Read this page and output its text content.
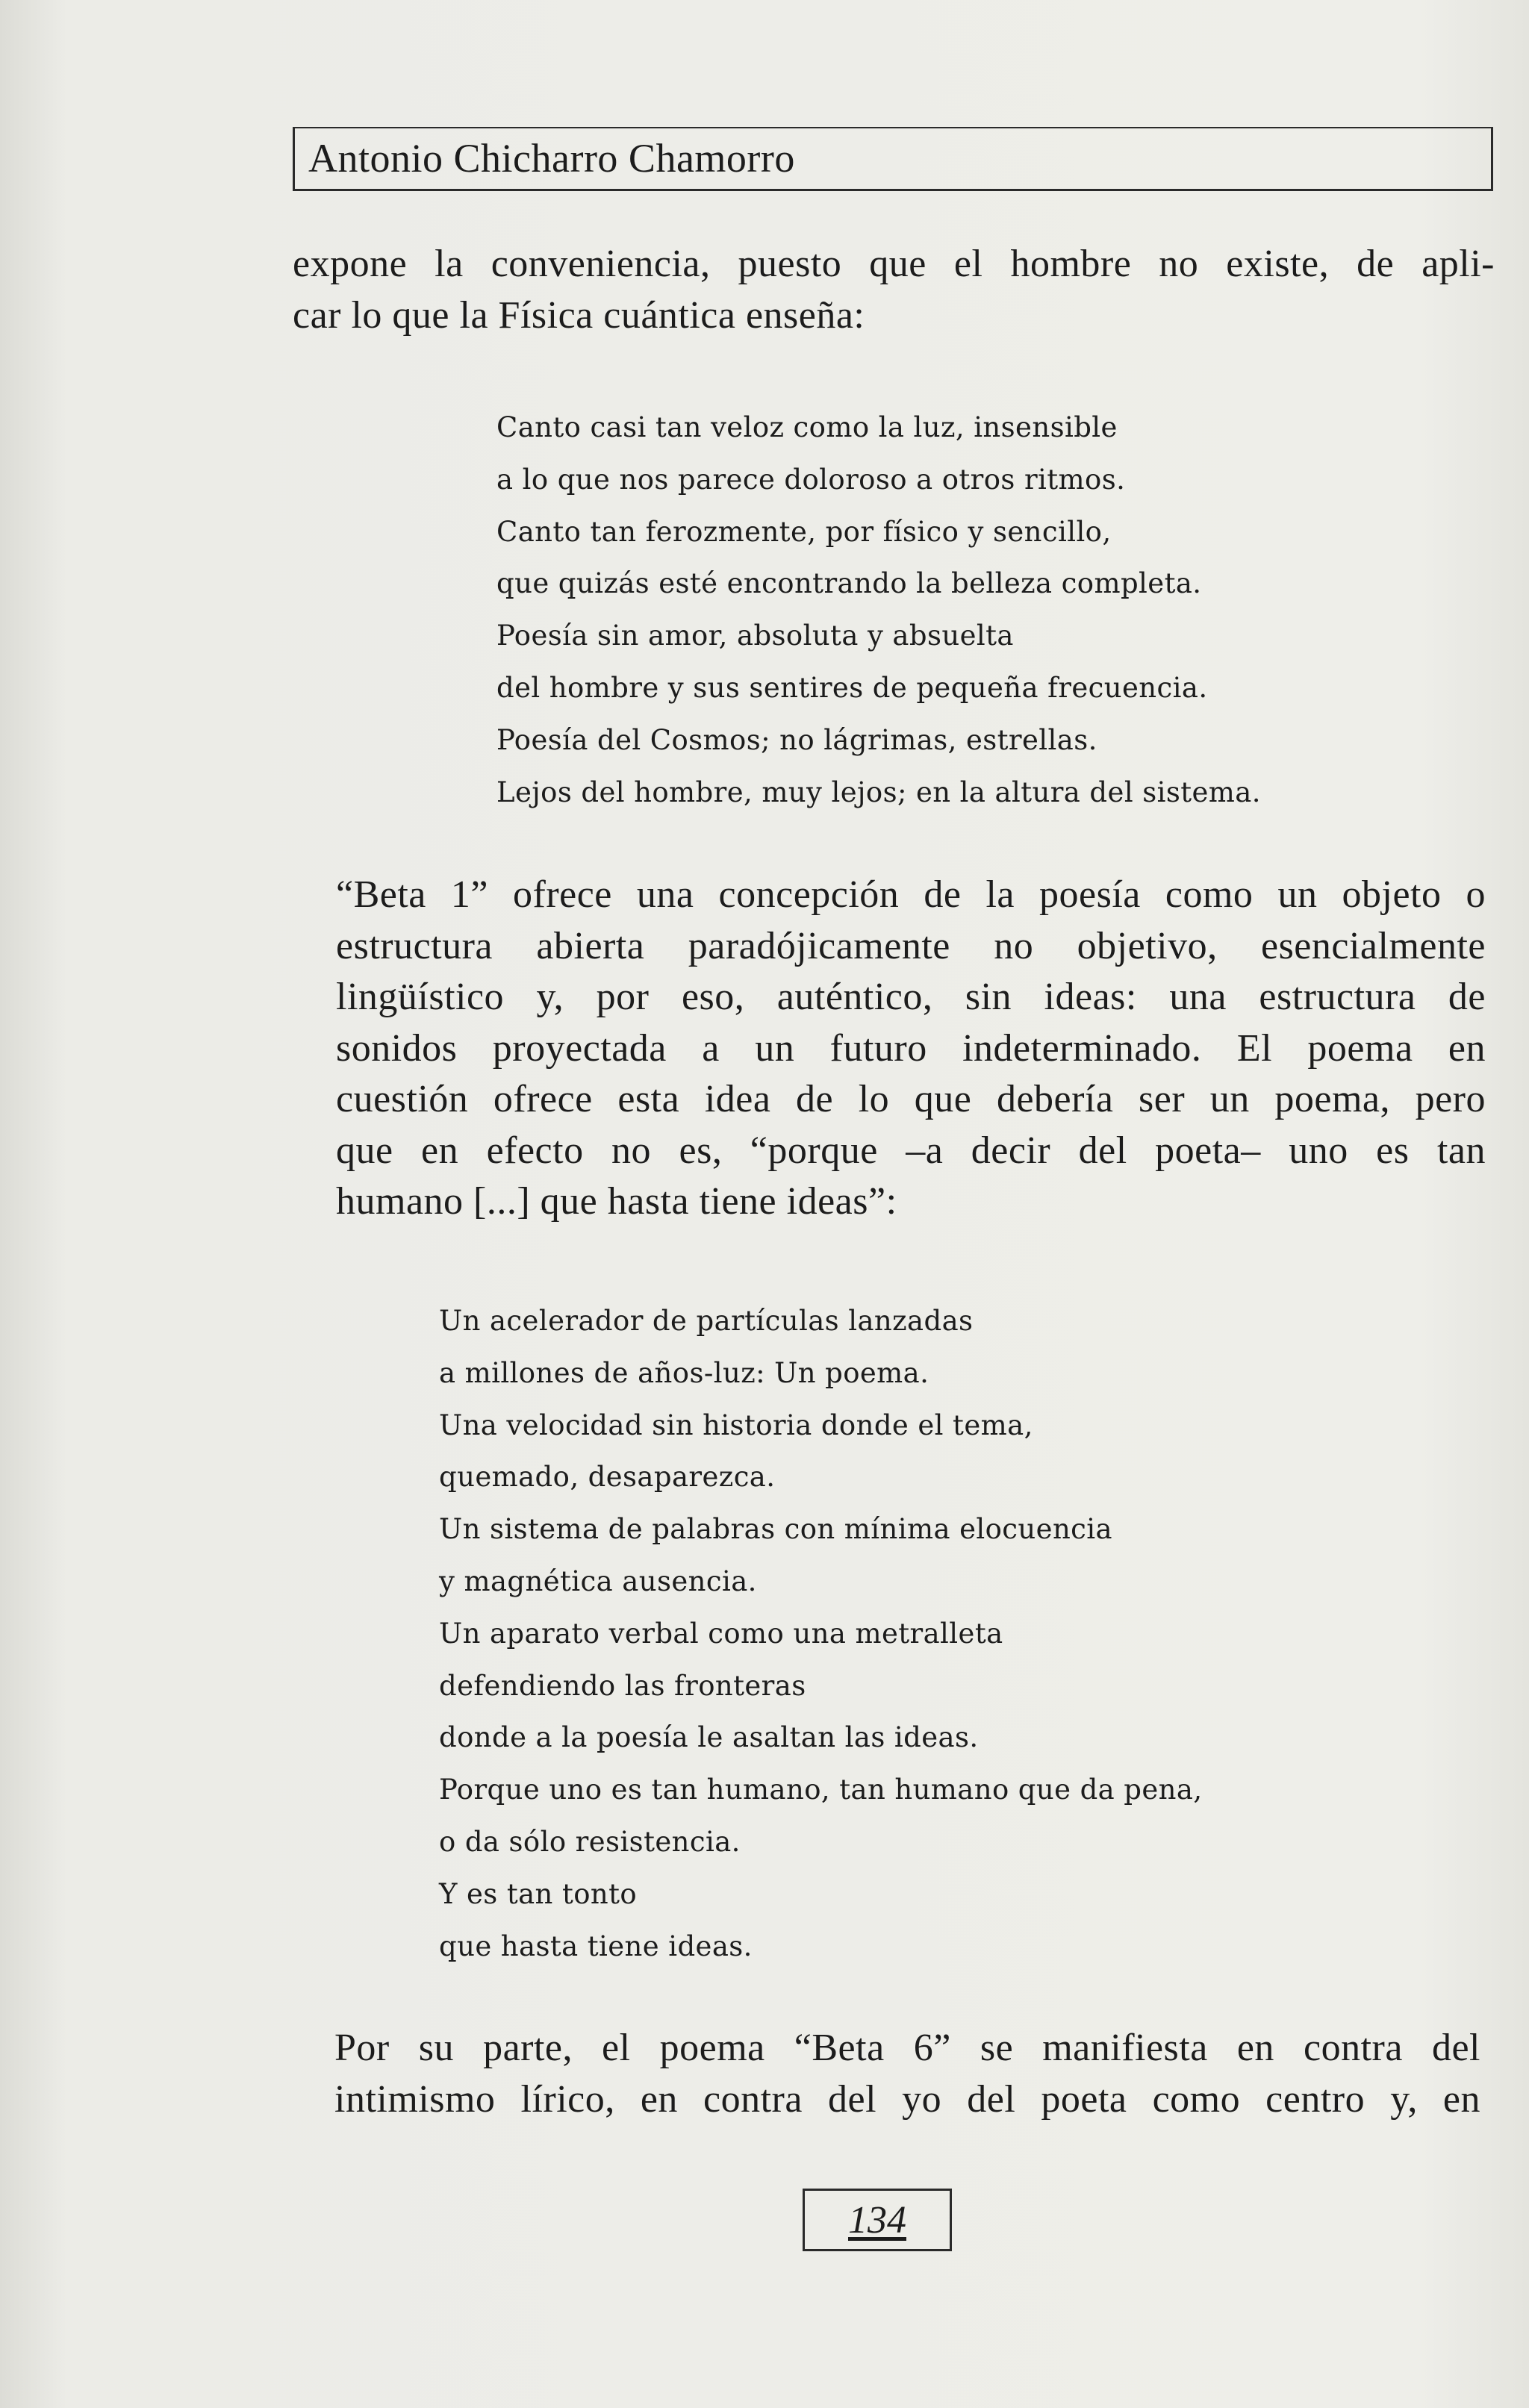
Antonio Chicharro Chamorro

expone la conveniencia, puesto que el hombre no existe, de apli-
car lo que la Física cuántica enseña:

Canto casi tan veloz como la luz, insensible
a lo que nos parece doloroso a otros ritmos.
Canto tan ferozmente, por físico y sencillo,
que quizás esté encontrando la belleza completa.
Poesía sin amor, absoluta y absuelta
del hombre y sus sentires de pequeña frecuencia.
Poesía del Cosmos; no lágrimas, estrellas.
Lejos del hombre, muy lejos; en la altura del sistema.

“Beta 1” ofrece una concepción de la poesía como un objeto o
estructura abierta paradójicamente no objetivo, esencialmente
lingüístico y, por eso, auténtico, sin ideas: una estructura de
sonidos proyectada a un futuro indeterminado. El poema en
cuestión ofrece esta idea de lo que debería ser un poema, pero
que en efecto no es, “porque –a decir del poeta– uno es tan
humano [...] que hasta tiene ideas”:

Un acelerador de partículas lanzadas
a millones de años-luz: Un poema.
Una velocidad sin historia donde el tema,
quemado, desaparezca.
Un sistema de palabras con mínima elocuencia
y magnética ausencia.
Un aparato verbal como una metralleta
defendiendo las fronteras
donde a la poesía le asaltan las ideas.
Porque uno es tan humano, tan humano que da pena,
o da sólo resistencia.
Y es tan tonto
que hasta tiene ideas.

Por su parte, el poema “Beta 6” se manifiesta en contra del
intimismo lírico, en contra del yo del poeta como centro y, en

134
